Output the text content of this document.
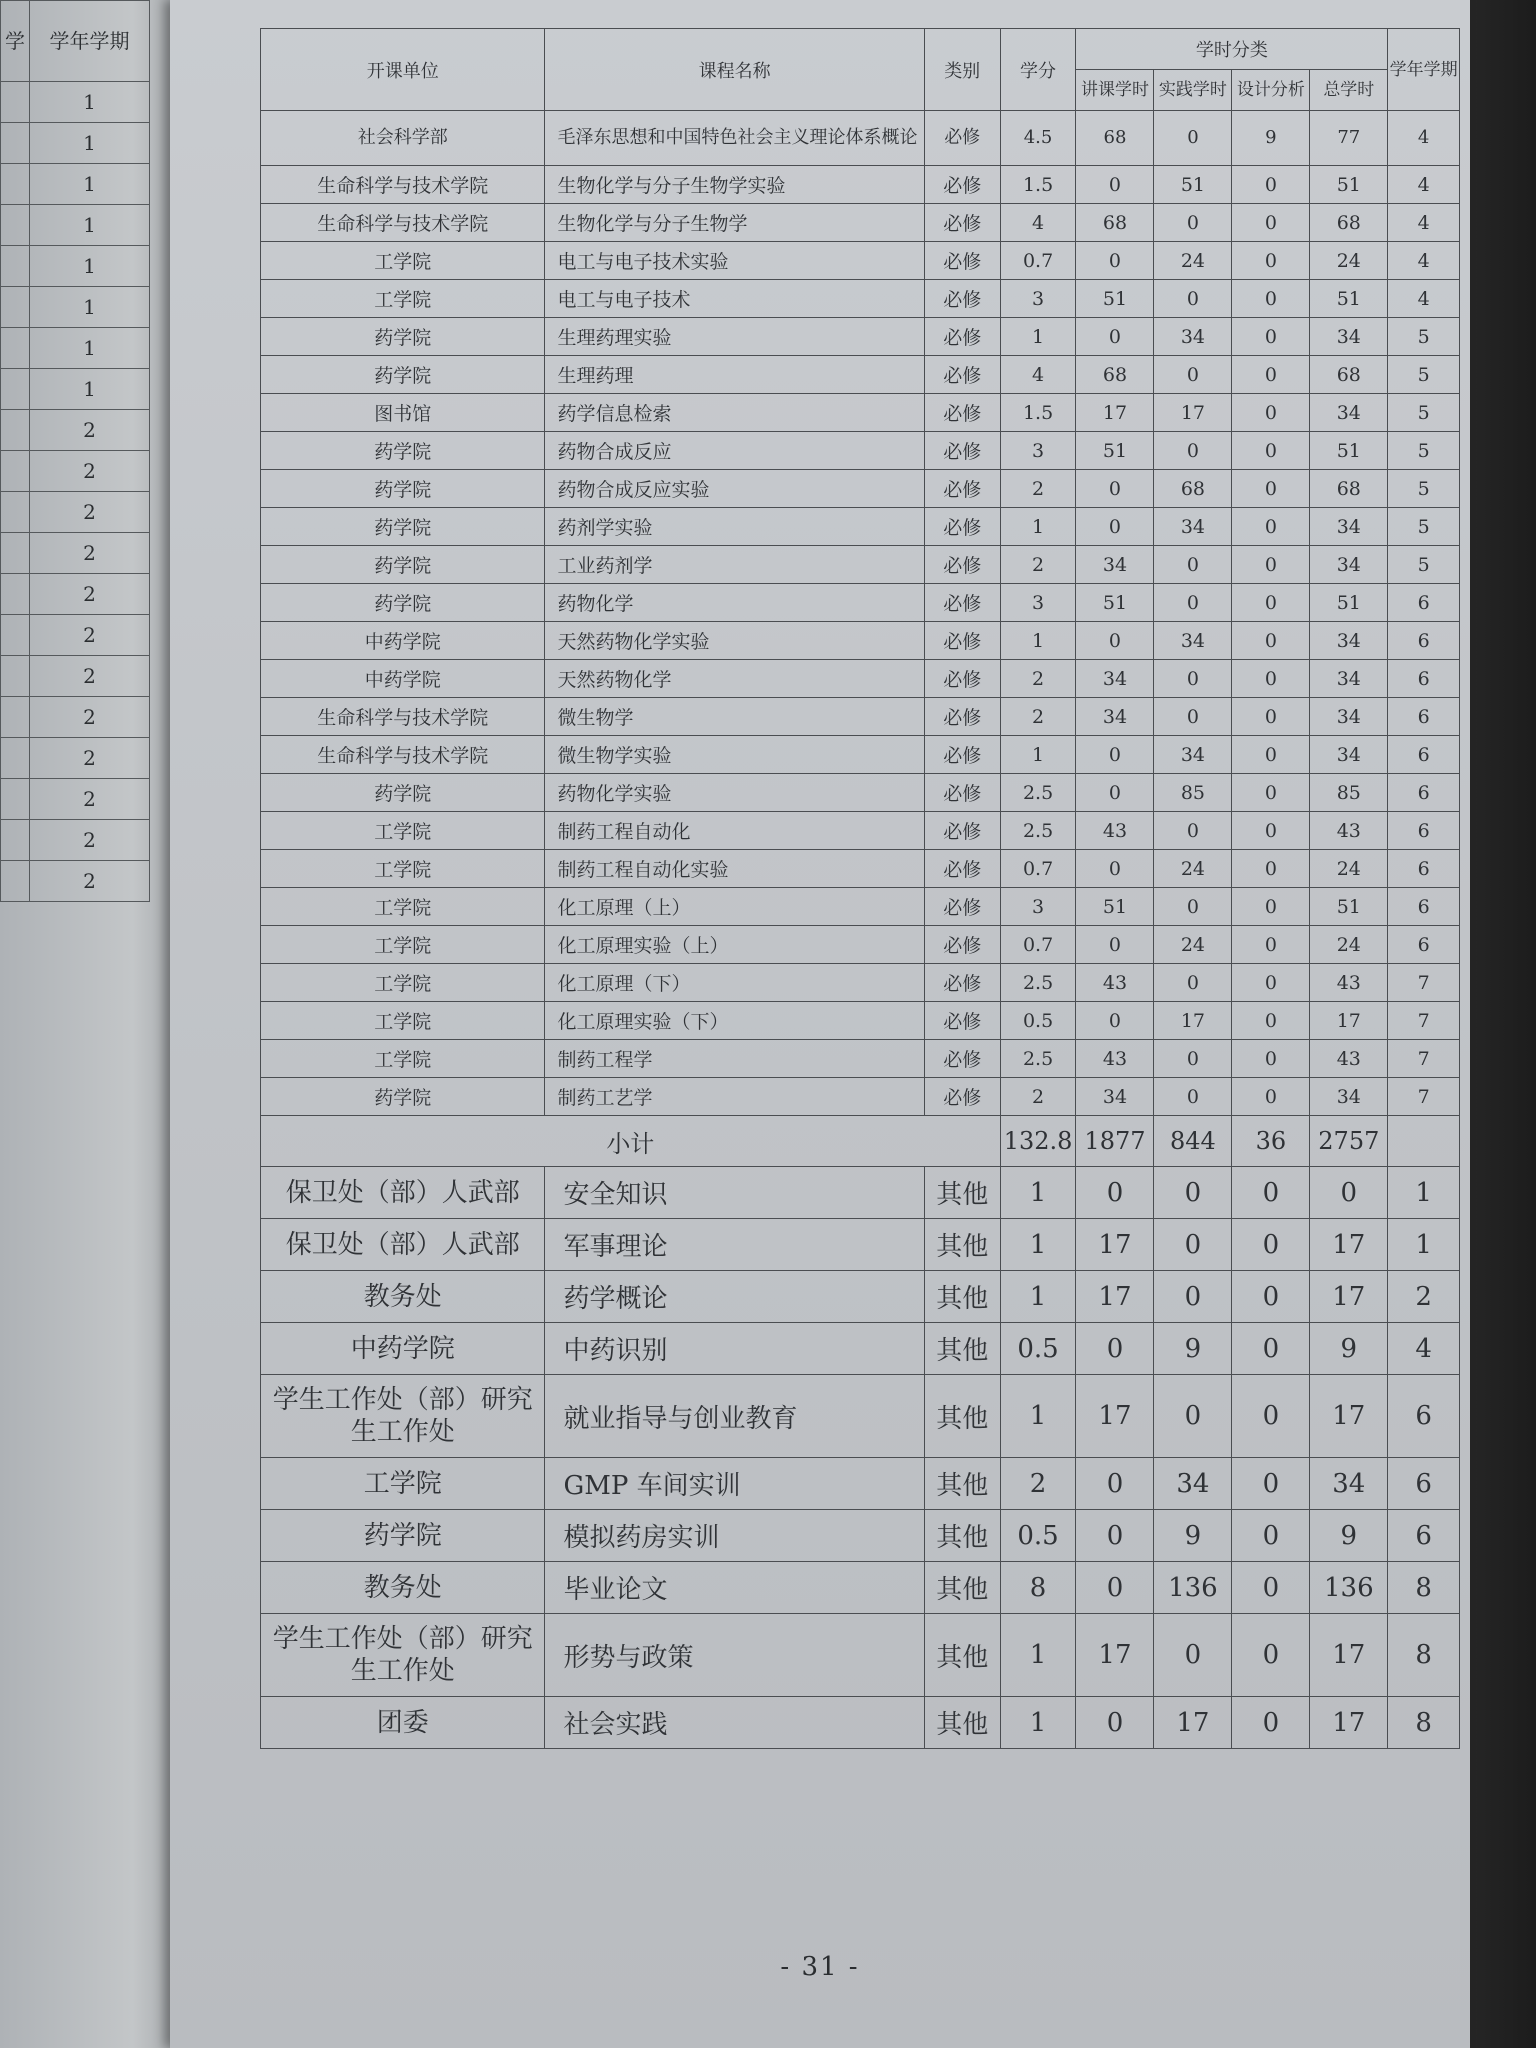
学	学年学期
	1
	1
	1
	1
	1
	1
	1
	1
	2
	2
	2
	2
	2
	2
	2
	2
	2
	2
	2
	2
开课单位	课程名称	类别	学分	学时分类				学年学期
				讲课学时	实践学时	设计分析	总学时	
社会科学部	毛泽东思想和中国特色社会主义理论体系概论	必修	4.5	68	0	9	77	4
生命科学与技术学院	生物化学与分子生物学实验	必修	1.5	0	51	0	51	4
生命科学与技术学院	生物化学与分子生物学	必修	4	68	0	0	68	4
工学院	电工与电子技术实验	必修	0.7	0	24	0	24	4
工学院	电工与电子技术	必修	3	51	0	0	51	4
药学院	生理药理实验	必修	1	0	34	0	34	5
药学院	生理药理	必修	4	68	0	0	68	5
图书馆	药学信息检索	必修	1.5	17	17	0	34	5
药学院	药物合成反应	必修	3	51	0	0	51	5
药学院	药物合成反应实验	必修	2	0	68	0	68	5
药学院	药剂学实验	必修	1	0	34	0	34	5
药学院	工业药剂学	必修	2	34	0	0	34	5
药学院	药物化学	必修	3	51	0	0	51	6
中药学院	天然药物化学实验	必修	1	0	34	0	34	6
中药学院	天然药物化学	必修	2	34	0	0	34	6
生命科学与技术学院	微生物学	必修	2	34	0	0	34	6
生命科学与技术学院	微生物学实验	必修	1	0	34	0	34	6
药学院	药物化学实验	必修	2.5	0	85	0	85	6
工学院	制药工程自动化	必修	2.5	43	0	0	43	6
工学院	制药工程自动化实验	必修	0.7	0	24	0	24	6
工学院	化工原理（上）	必修	3	51	0	0	51	6
工学院	化工原理实验（上）	必修	0.7	0	24	0	24	6
工学院	化工原理（下）	必修	2.5	43	0	0	43	7
工学院	化工原理实验（下）	必修	0.5	0	17	0	17	7
工学院	制药工程学	必修	2.5	43	0	0	43	7
药学院	制药工艺学	必修	2	34	0	0	34	7
小计			132.8	1877	844	36	2757	
保卫处（部）人武部	安全知识	其他	1	0	0	0	0	1
保卫处（部）人武部	军事理论	其他	1	17	0	0	17	1
教务处	药学概论	其他	1	17	0	0	17	2
中药学院	中药识别	其他	0.5	0	9	0	9	4
学生工作处（部）研究生工作处	就业指导与创业教育	其他	1	17	0	0	17	6
工学院	GMP 车间实训	其他	2	0	34	0	34	6
药学院	模拟药房实训	其他	0.5	0	9	0	9	6
教务处	毕业论文	其他	8	0	136	0	136	8
学生工作处（部）研究生工作处	形势与政策	其他	1	17	0	0	17	8
团委	社会实践	其他	1	0	17	0	17	8
- 31 -
